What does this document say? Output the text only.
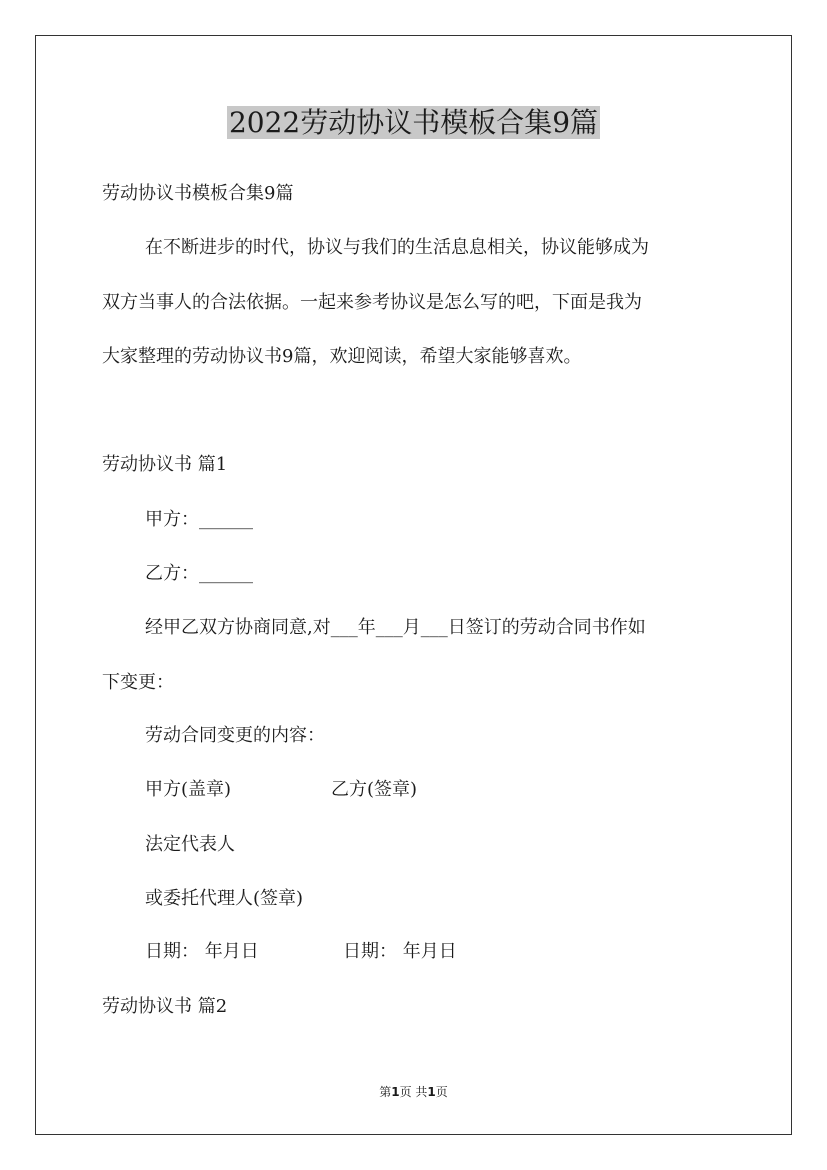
2022劳动协议书模板合集9篇
劳动协议书模板合集9篇
在不断进步的时代，协议与我们的生活息息相关，协议能够成为
双方当事人的合法依据。一起来参考协议是怎么写的吧，下面是我为
大家整理的劳动协议书9篇，欢迎阅读，希望大家能够喜欢。
劳动协议书 篇1
甲方：______
乙方：______
经甲乙双方协商同意,对___年___月___日签订的劳动合同书作如
下变更：
劳动合同变更的内容：
甲方(盖章)	乙方(签章)
法定代表人
或委托代理人(签章)
日期： 年月日	日期： 年月日
劳动协议书 篇2
第1页 共1页
